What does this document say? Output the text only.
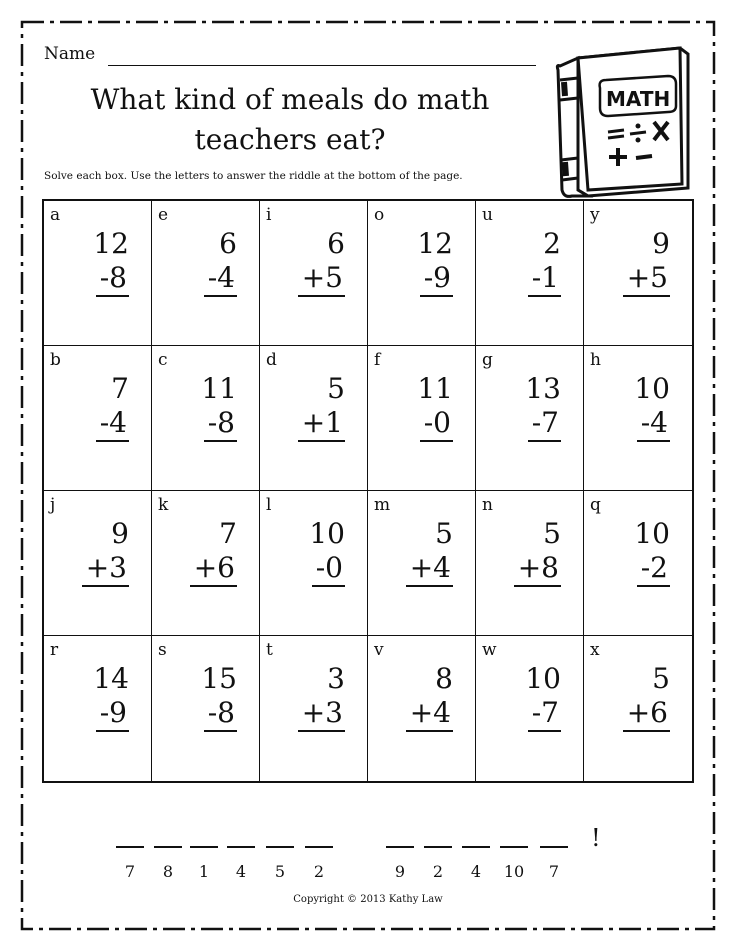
Name
What kind of meals do math
teachers eat?
Solve each box. Use the letters to answer the riddle at the bottom of the page.
MATH
a
12
-8
e
6
-4
i
6
+5
o
12
-9
u
2
-1
y
9
+5
b
7
-4
c
11
-8
d
5
+1
f
11
-0
g
13
-7
h
10
-4
j
9
+3
k
7
+6
l
10
-0
m
5
+4
n
5
+8
q
10
-2
r
14
-9
s
15
-8
t
3
+3
v
8
+4
w
10
-7
x
5
+6
!
7	8	1	4	5	2	9	2	4	10	7
Copyright © 2013 Kathy Law
